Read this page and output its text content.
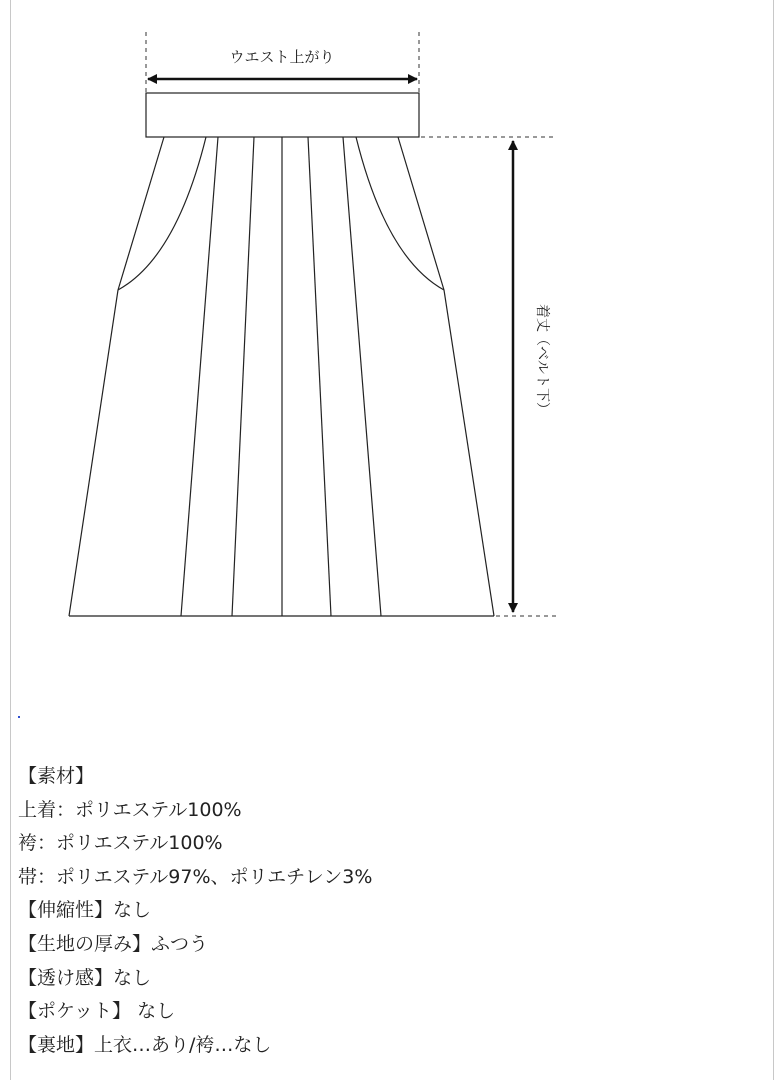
ウエスト上がり
着丈（ベルト下）
【素材】
上着：ポリエステル100%
袴：ポリエステル100%
帯：ポリエステル97%、ポリエチレン3%
【伸縮性】なし
【生地の厚み】ふつう
【透け感】なし
【ポケット】 なし
【裏地】上衣…あり/袴…なし
